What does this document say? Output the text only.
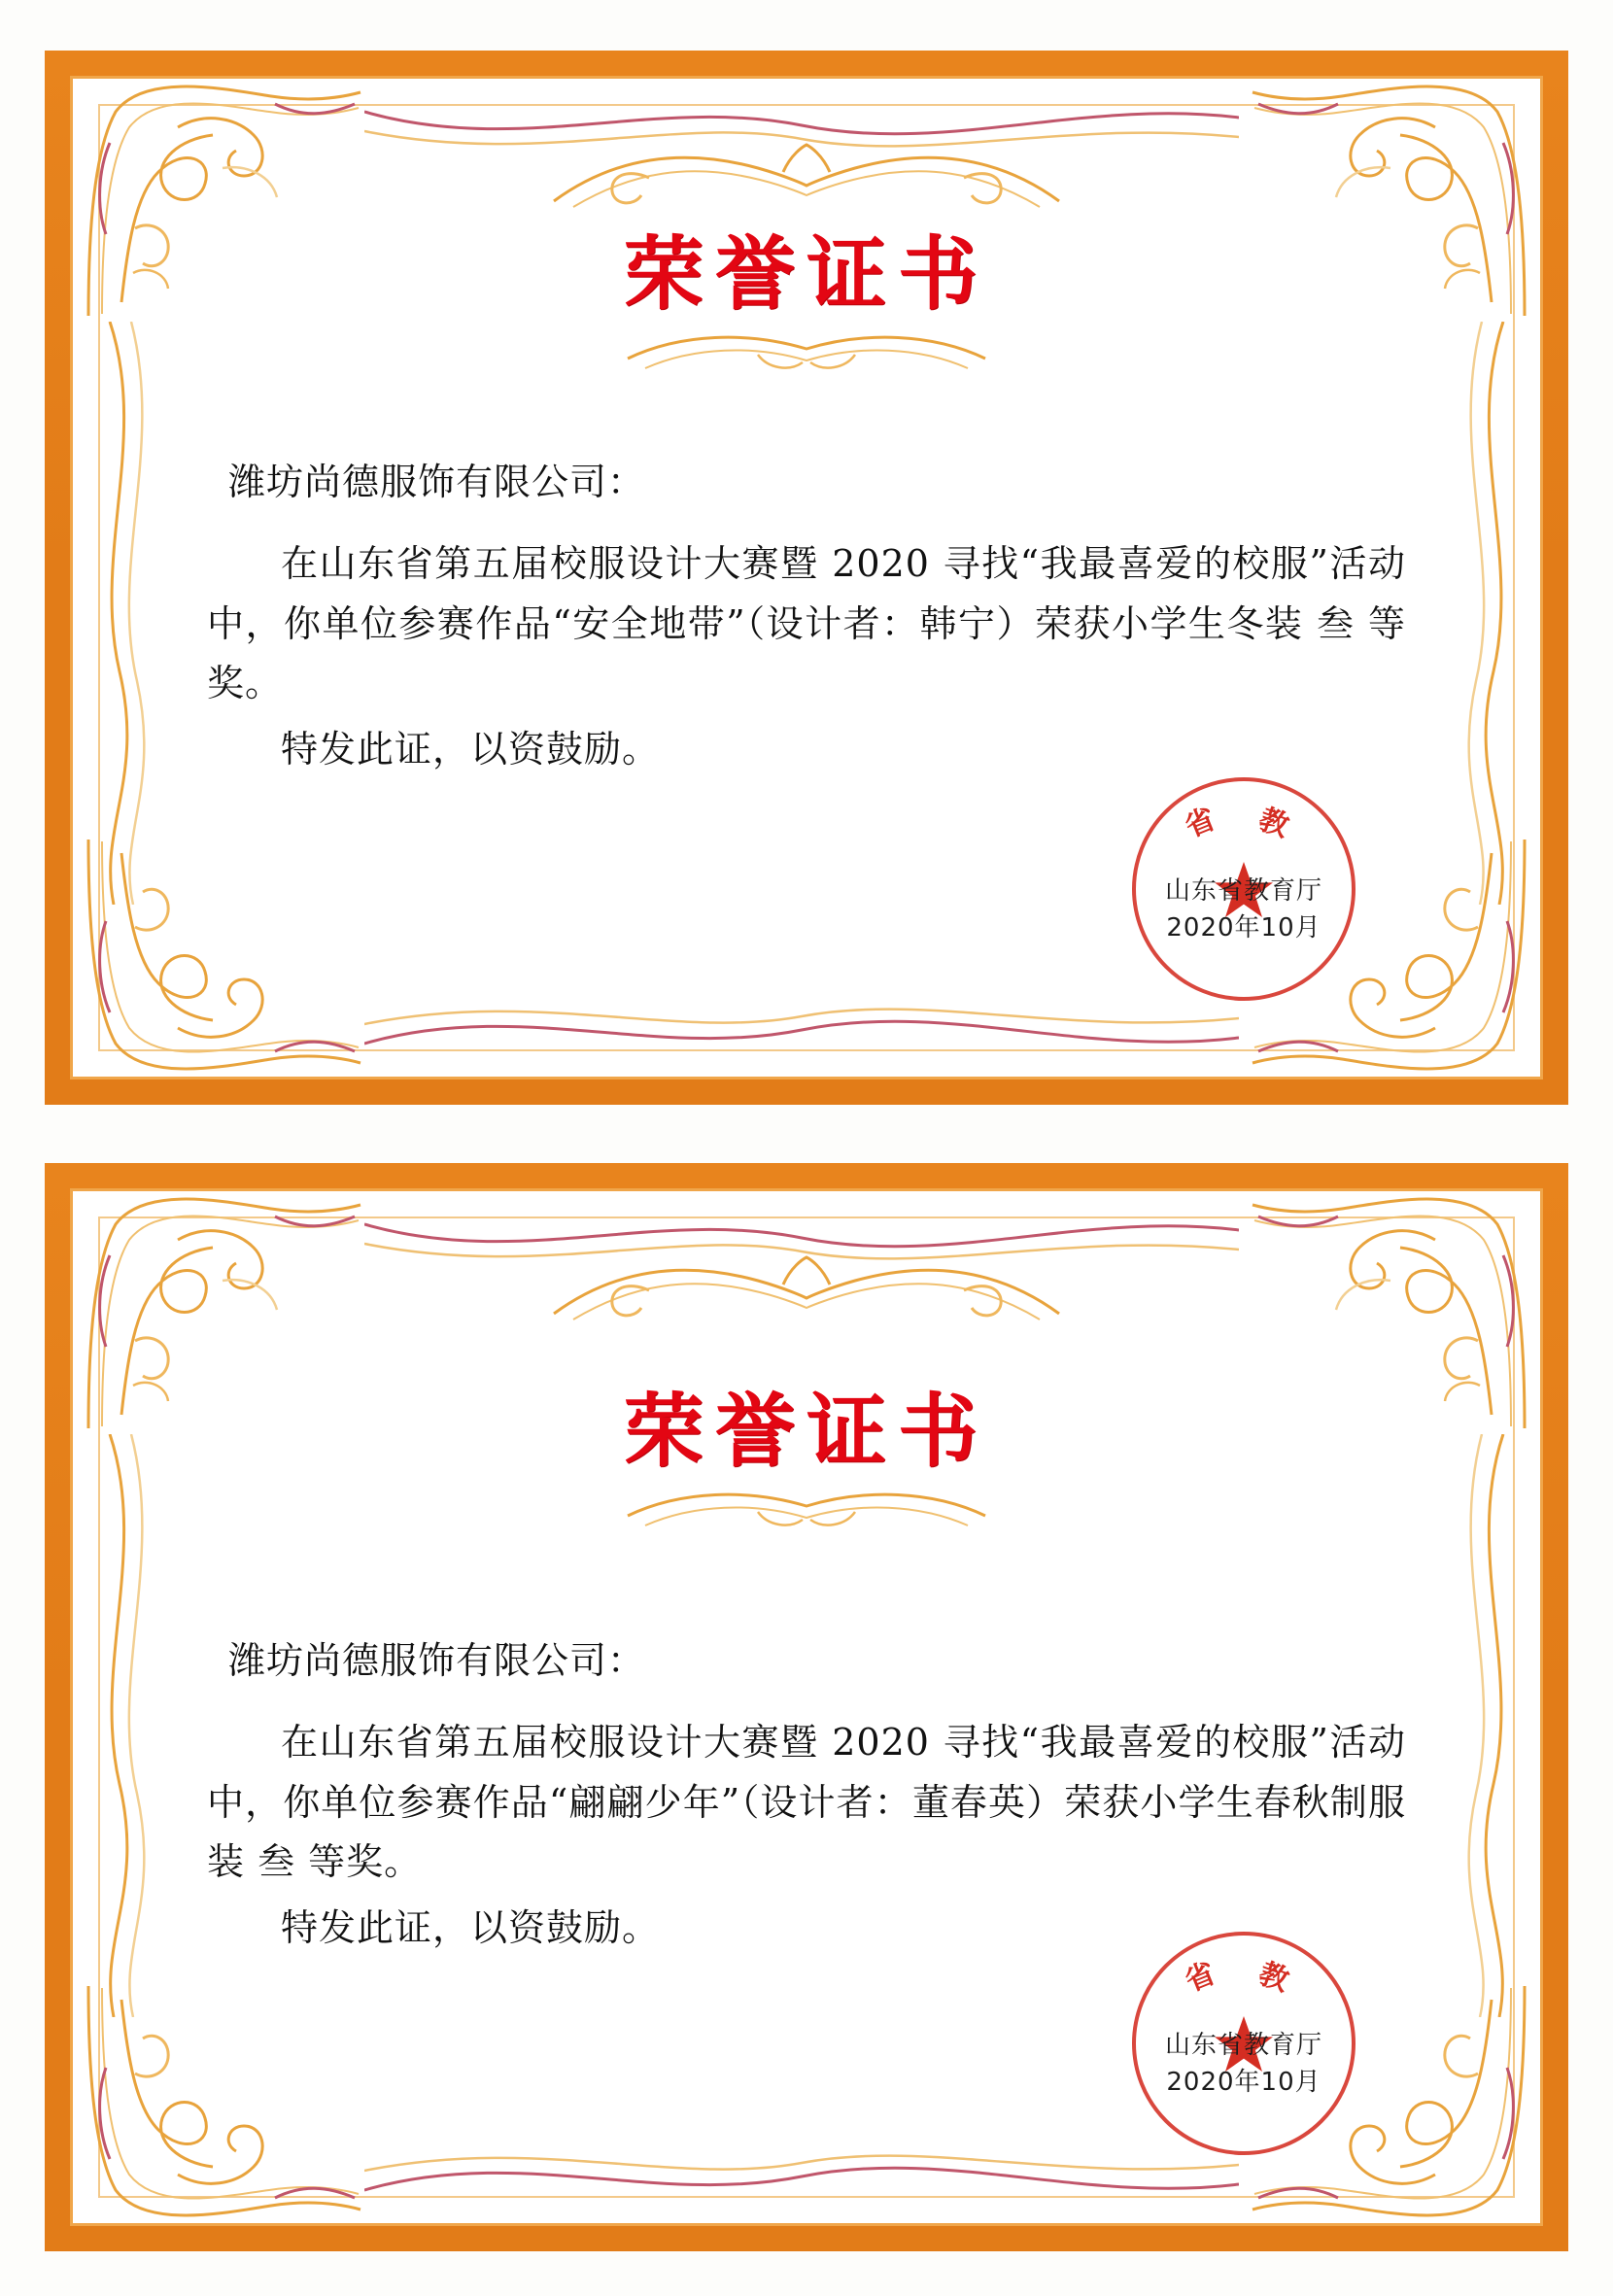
荣誉证书
潍坊尚德服饰有限公司：

在山东省第五届校服设计大赛暨 2020 寻找“我最喜爱的校服”活动中，你单位参赛作品“安全地带”（设计者：韩宁）荣获小学生冬装 叁 等奖。

特发此证，以资鼓励。

省 教
山东省教育厅
2020年10月
荣誉证书
潍坊尚德服饰有限公司：

在山东省第五届校服设计大赛暨 2020 寻找“我最喜爱的校服”活动中，你单位参赛作品“翩翩少年”（设计者：董春英）荣获小学生春秋制服装 叁 等奖。

特发此证，以资鼓励。

省 教
山东省教育厅
2020年10月
